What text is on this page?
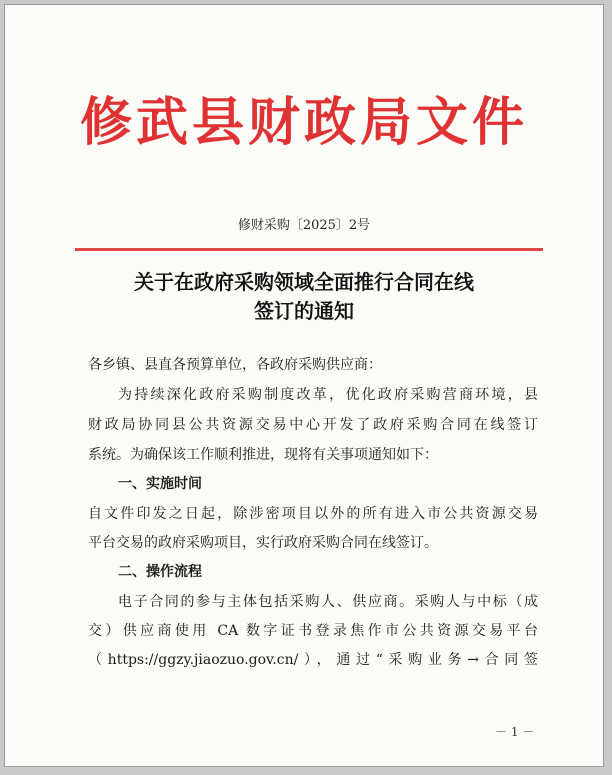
修武县财政局文件
修财采购〔2025〕2号
关于在政府采购领域全面推行合同在线
签订的通知
各乡镇、县直各预算单位，各政府采购供应商：
为持续深化政府采购制度改革，优化政府采购营商环境，县
财政局协同县公共资源交易中心开发了政府采购合同在线签订
系统。为确保该工作顺利推进，现将有关事项通知如下：
一、实施时间
自文件印发之日起，除涉密项目以外的所有进入市公共资源交易
平台交易的政府采购项目，实行政府采购合同在线签订。
二、操作流程
电子合同的参与主体包括采购人、供应商。采购人与中标（成
交）供应商使用 CA 数字证书登录焦作市公共资源交易平台
（https://ggzy.jiaozuo.gov.cn/），通过“采购业务→合同签
－ 1 －
